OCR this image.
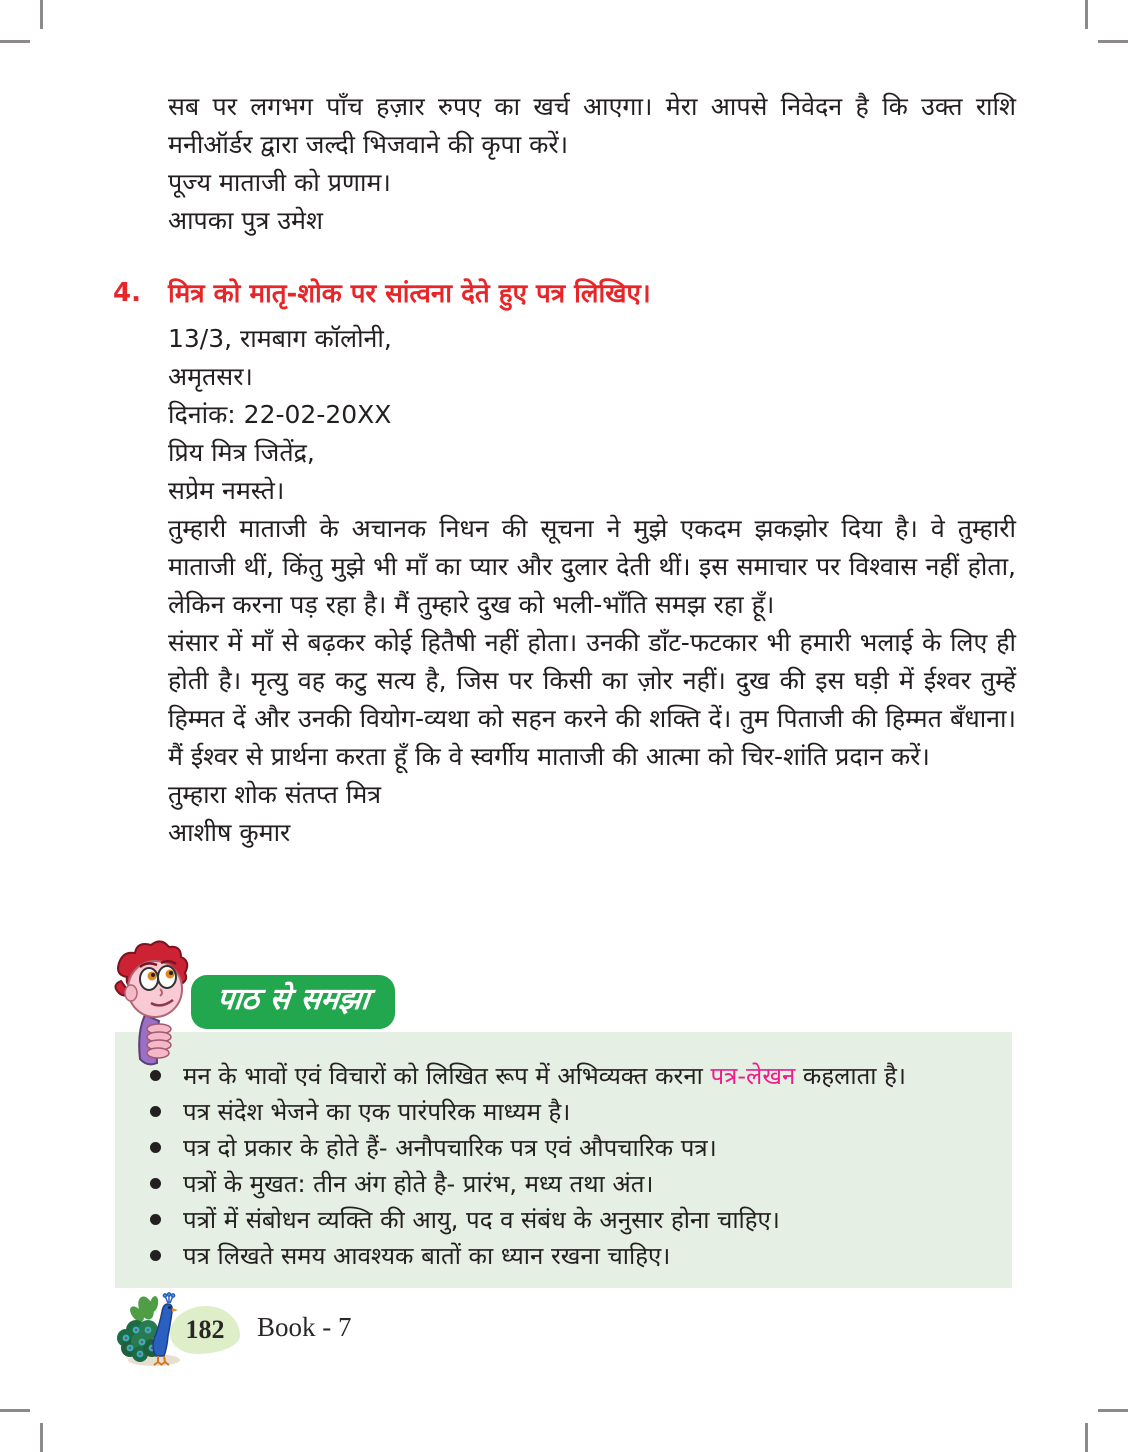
सब पर लगभग पाँच हज़ार रुपए का खर्च आएगा। मेरा आपसे निवेदन है कि उक्त राशि मनीऑर्डर द्वारा जल्दी भिजवाने की कृपा करें।

पूज्य माताजी को प्रणाम।
आपका पुत्र उमेश
4. मित्र को मातृ-शोक पर सांत्वना देते हुए पत्र लिखिए।
13/3, रामबाग कॉलोनी,
अमृतसर।
दिनांक: 22-02-20XX
प्रिय मित्र जितेंद्र,
सप्रेम नमस्ते।

तुम्हारी माताजी के अचानक निधन की सूचना ने मुझे एकदम झकझोर दिया है। वे तुम्हारी माताजी थीं, किंतु मुझे भी माँ का प्यार और दुलार देती थीं। इस समाचार पर विश्वास नहीं होता, लेकिन करना पड़ रहा है। मैं तुम्हारे दुख को भली-भाँति समझ रहा हूँ।

संसार में माँ से बढ़कर कोई हितैषी नहीं होता। उनकी डाँट-फटकार भी हमारी भलाई के लिए ही होती है। मृत्यु वह कटु सत्य है, जिस पर किसी का ज़ोर नहीं। दुख की इस घड़ी में ईश्वर तुम्हें हिम्मत दें और उनकी वियोग-व्यथा को सहन करने की शक्ति दें। तुम पिताजी की हिम्मत बँधाना। मैं ईश्वर से प्रार्थना करता हूँ कि वे स्वर्गीय माताजी की आत्मा को चिर-शांति प्रदान करें।

तुम्हारा शोक संतप्त मित्र
आशीष कुमार
पाठ से समझा
मन के भावों एवं विचारों को लिखित रूप में अभिव्यक्त करना पत्र-लेखन कहलाता है।
पत्र संदेश भेजने का एक पारंपरिक माध्यम है।
पत्र दो प्रकार के होते हैं- अनौपचारिक पत्र एवं औपचारिक पत्र।
पत्रों के मुखत: तीन अंग होते है- प्रारंभ, मध्य तथा अंत।
पत्रों में संबोधन व्यक्ति की आयु, पद व संबंध के अनुसार होना चाहिए।
पत्र लिखते समय आवश्यक बातों का ध्यान रखना चाहिए।
182 Book - 7
